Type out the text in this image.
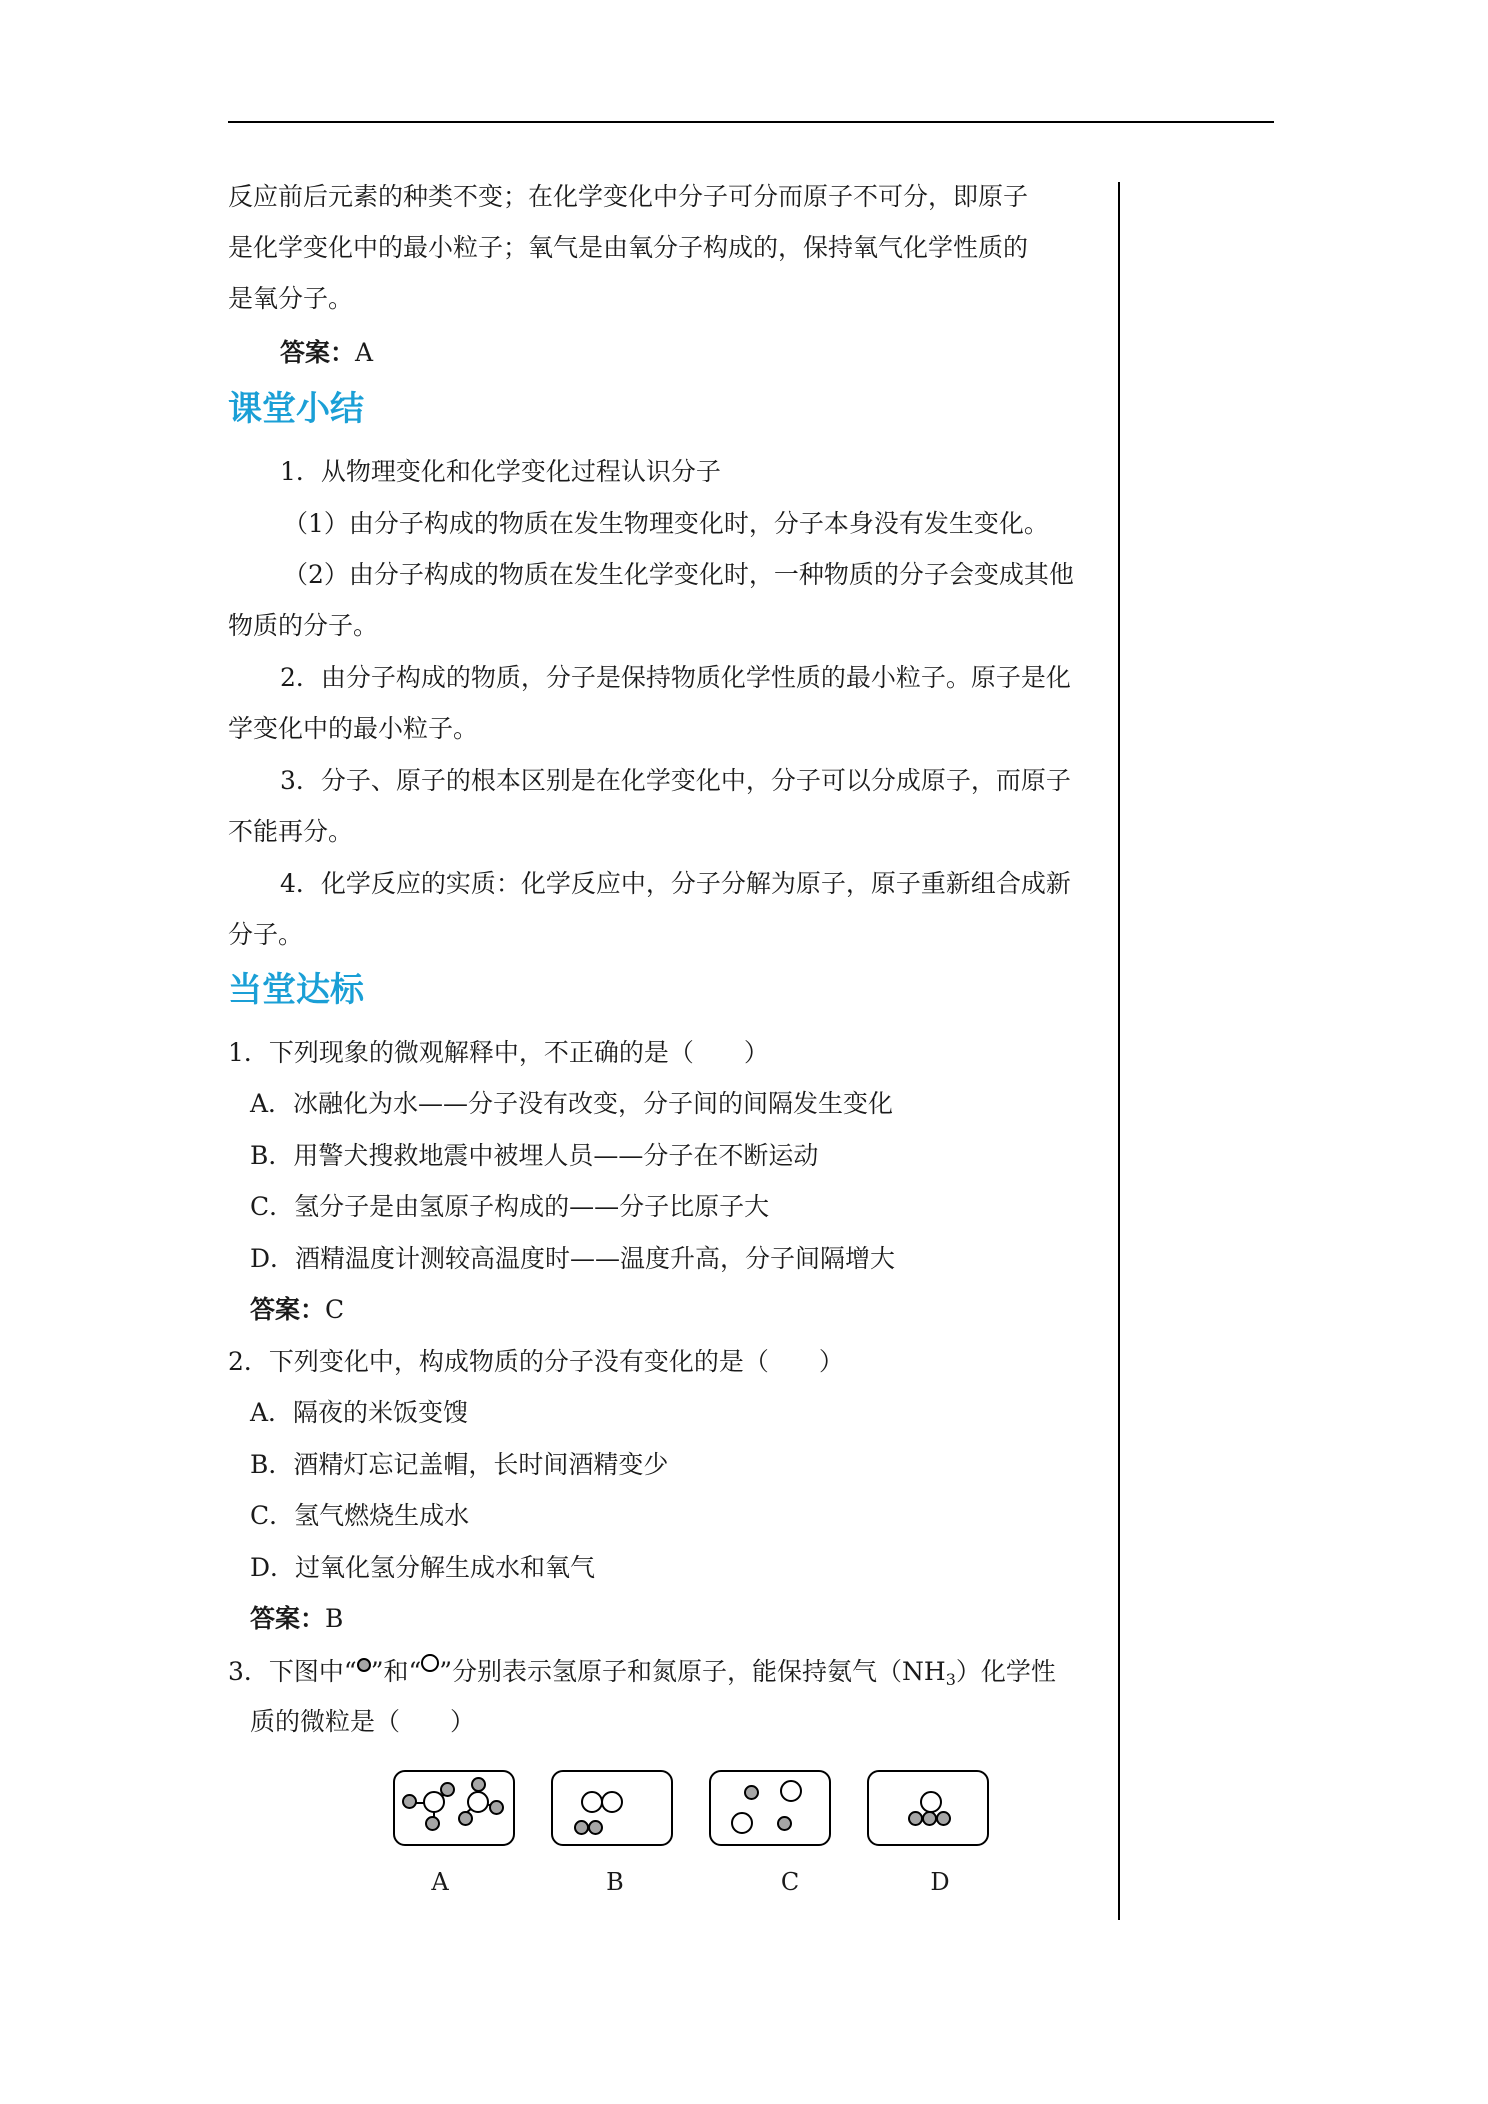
反应前后元素的种类不变；在化学变化中分子可分而原子不可分，即原子
是化学变化中的最小粒子；氧气是由氧分子构成的，保持氧气化学性质的
是氧分子。
答案：A
课堂小结
1．从物理变化和化学变化过程认识分子
（1）由分子构成的物质在发生物理变化时，分子本身没有发生变化。
（2）由分子构成的物质在发生化学变化时，一种物质的分子会变成其他
物质的分子。
2．由分子构成的物质，分子是保持物质化学性质的最小粒子。原子是化
学变化中的最小粒子。
3．分子、原子的根本区别是在化学变化中，分子可以分成原子，而原子
不能再分。
4．化学反应的实质：化学反应中，分子分解为原子，原子重新组合成新
分子。
当堂达标
1．下列现象的微观解释中，不正确的是（　　）
A．冰融化为水——分子没有改变，分子间的间隔发生变化
B．用警犬搜救地震中被埋人员——分子在不断运动
C．氢分子是由氢原子构成的——分子比原子大
D．酒精温度计测较高温度时——温度升高，分子间隔增大
答案：C
2．下列变化中，构成物质的分子没有变化的是（　　）
A．隔夜的米饭变馊
B．酒精灯忘记盖帽，长时间酒精变少
C．氢气燃烧生成水
D．过氧化氢分解生成水和氧气
答案：B
3．下图中“ ”和“ ”分别表示氢原子和氮原子，能保持氨气$(NH_3)$化学性
质的微粒是（　　）
A	B	C	D
